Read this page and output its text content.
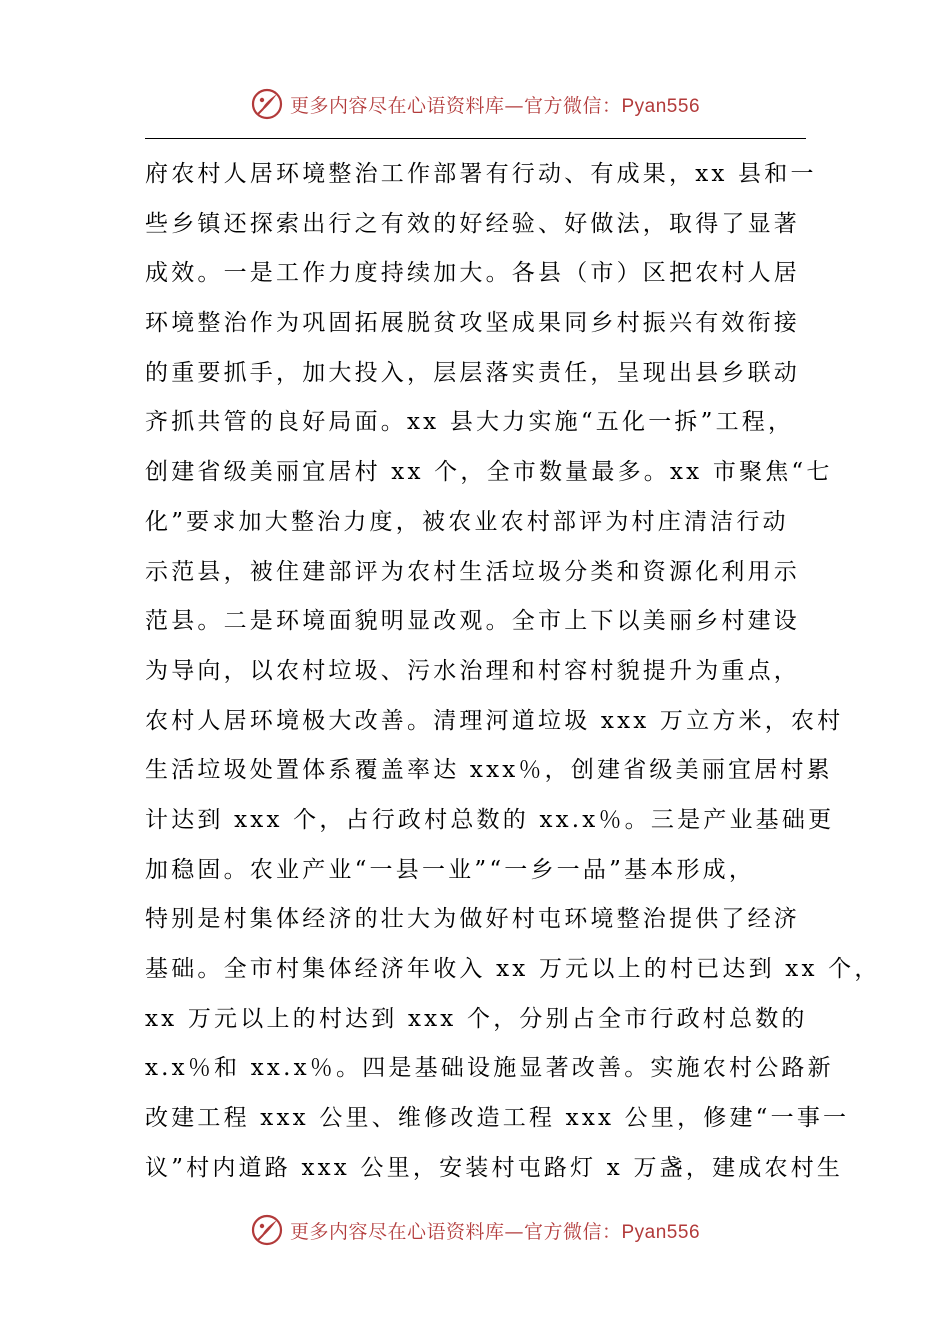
更多内容尽在心语资料库—官方微信：Pyan556
府农村人居环境整治工作部署有行动、有成果，xx 县和一
些乡镇还探索出行之有效的好经验、好做法，取得了显著
成效。一是工作力度持续加大。各县（市）区把农村人居
环境整治作为巩固拓展脱贫攻坚成果同乡村振兴有效衔接
的重要抓手，加大投入，层层落实责任，呈现出县乡联动
齐抓共管的良好局面。xx 县大力实施“五化一拆”工程，
创建省级美丽宜居村 xx 个，全市数量最多。xx 市聚焦“七
化”要求加大整治力度，被农业农村部评为村庄清洁行动
示范县，被住建部评为农村生活垃圾分类和资源化利用示
范县。二是环境面貌明显改观。全市上下以美丽乡村建设
为导向，以农村垃圾、污水治理和村容村貌提升为重点，
农村人居环境极大改善。清理河道垃圾 xxx 万立方米，农村
生活垃圾处置体系覆盖率达 xxx％，创建省级美丽宜居村累
计达到 xxx 个，占行政村总数的 xx.x％。三是产业基础更
加稳固。农业产业“一县一业”“一乡一品”基本形成，
特别是村集体经济的壮大为做好村屯环境整治提供了经济
基础。全市村集体经济年收入 xx 万元以上的村已达到 xx 个，
xx 万元以上的村达到 xxx 个，分别占全市行政村总数的
x.x％和 xx.x％。四是基础设施显著改善。实施农村公路新
改建工程 xxx 公里、维修改造工程 xxx 公里，修建“一事一
议”村内道路 xxx 公里，安装村屯路灯 x 万盏，建成农村生
更多内容尽在心语资料库—官方微信：Pyan556
